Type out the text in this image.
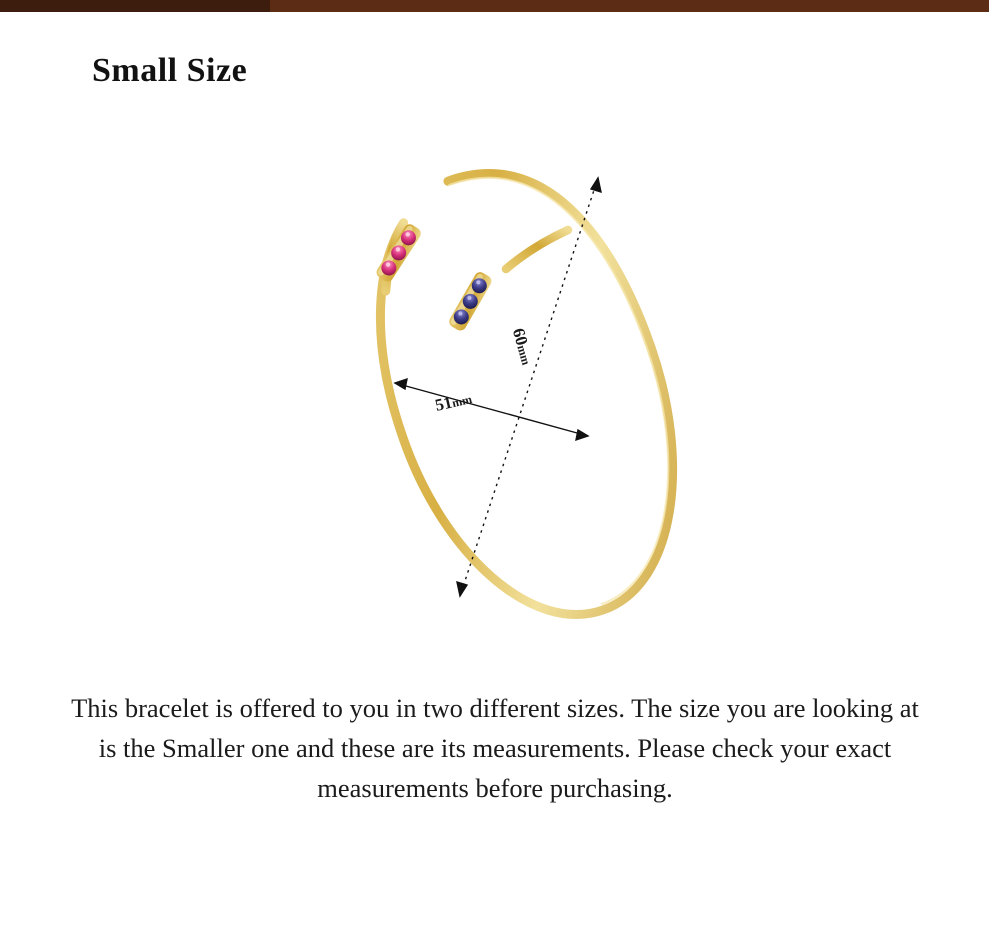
Small Size
51mm
60mm
This bracelet is offered to you in two different sizes. The size you are looking at is the Smaller one and these are its measurements. Please check your exact measurements before purchasing.
